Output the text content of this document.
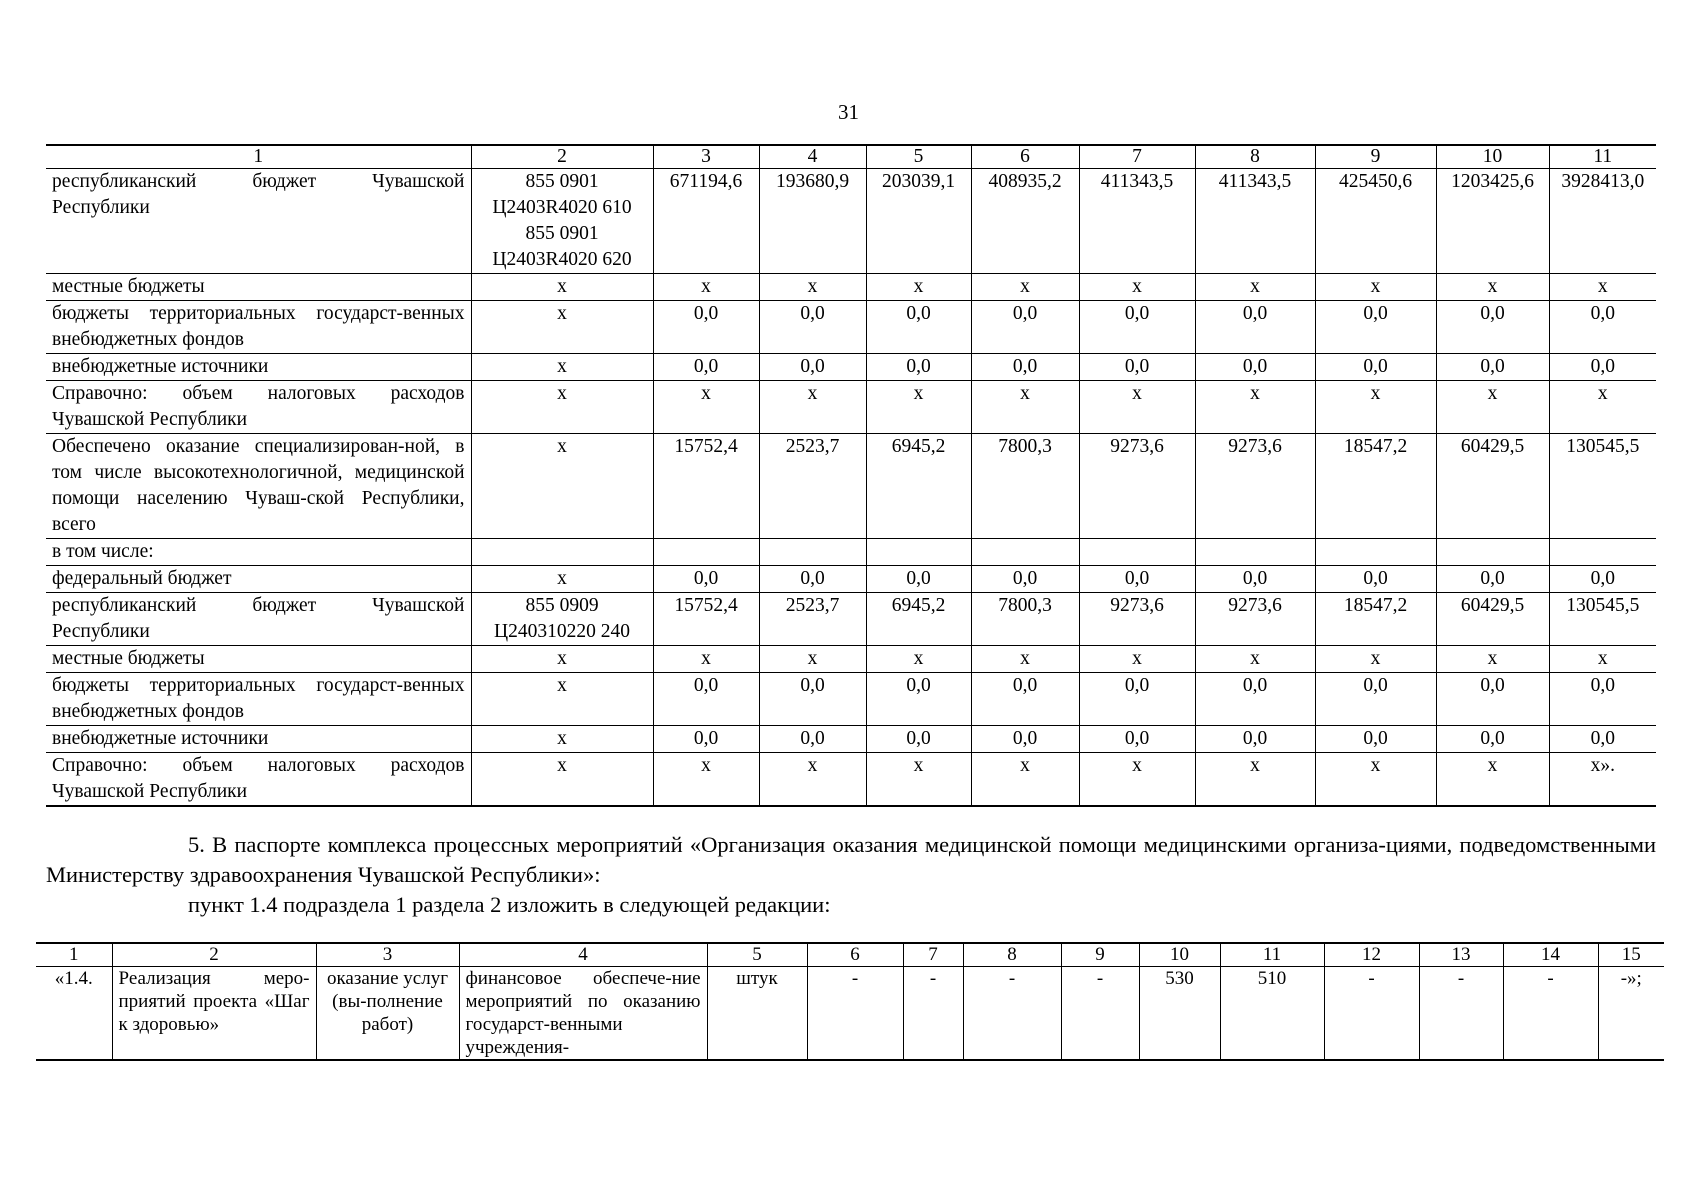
31
1	2	3	4	5	6	7	8	9	10	11
республиканский бюджет Чувашской Республики	855 0901
Ц2403R4020 610
855 0901
Ц2403R4020 620	671194,6	193680,9	203039,1	408935,2	411343,5	411343,5	425450,6	1203425,6	3928413,0
местные бюджеты	x	x	x	x	x	x	x	x	x	x
бюджеты территориальных государст-венных внебюджетных фондов	x	0,0	0,0	0,0	0,0	0,0	0,0	0,0	0,0	0,0
внебюджетные источники	x	0,0	0,0	0,0	0,0	0,0	0,0	0,0	0,0	0,0
Справочно: объем налоговых расходов Чувашской Республики	x	x	x	x	x	x	x	x	x	x
Обеспечено оказание специализирован-ной, в том числе высокотехнологичной, медицинской помощи населению Чуваш-ской Республики, всего	x	15752,4	2523,7	6945,2	7800,3	9273,6	9273,6	18547,2	60429,5	130545,5
в том числе:	

федеральный бюджет	x	0,0	0,0	0,0	0,0	0,0	0,0	0,0	0,0	0,0
республиканский бюджет Чувашской Республики	855 0909
Ц240310220 240	15752,4	2523,7	6945,2	7800,3	9273,6	9273,6	18547,2	60429,5	130545,5
местные бюджеты	x	x	x	x	x	x	x	x	x	x
бюджеты территориальных государст-венных внебюджетных фондов	x	0,0	0,0	0,0	0,0	0,0	0,0	0,0	0,0	0,0
внебюджетные источники	x	0,0	0,0	0,0	0,0	0,0	0,0	0,0	0,0	0,0
Справочно: объем налоговых расходов Чувашской Республики	x	x	x	x	x	x	x	x	x	x».

5. В паспорте комплекса процессных мероприятий «Организация оказания медицинской помощи медицинскими организа-циями, подведомственными Министерству здравоохранения Чувашской Республики»:

пункт 1.4 подраздела 1 раздела 2 изложить в следующей редакции:

1	2	3	4	5	6	7	8	9	10	11	12	13	14	15
«1.4.	Реализация меро-приятий проекта «Шаг к здоровью»	оказание услуг (вы-полнение работ)	финансовое обеспече-ние мероприятий по оказанию государст-венными учреждения-	штук	-	-	-	-	530	510	-	-	-	-»;
